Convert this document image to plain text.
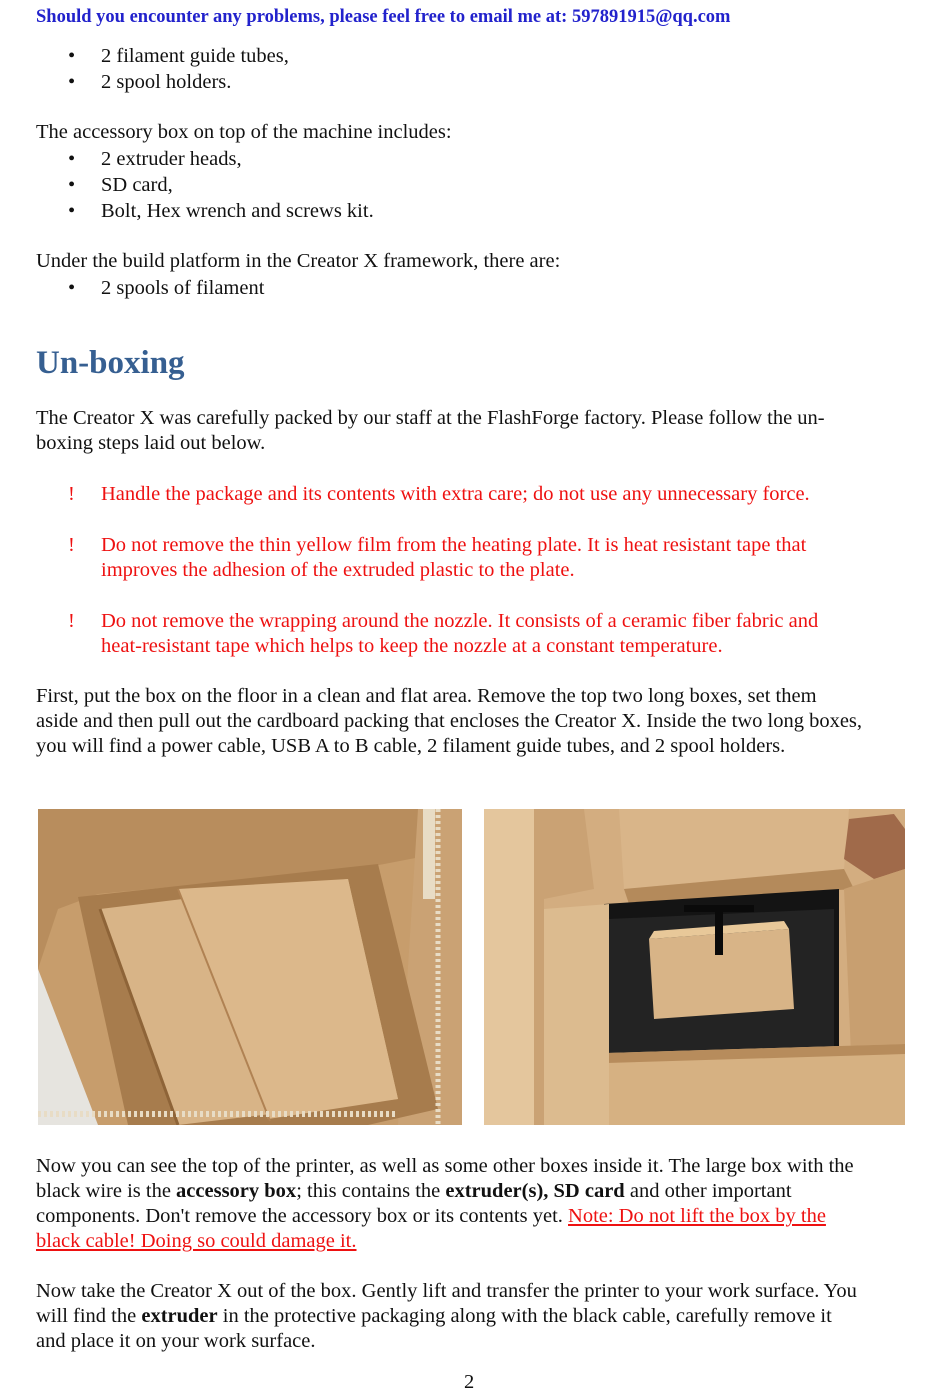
Should you encounter any problems, please feel free to email me at: 597891915@qq.com
• 2 filament guide tubes,
• 2 spool holders.
The accessory box on top of the machine includes:
• 2 extruder heads,
• SD card,
• Bolt, Hex wrench and screws kit.
Under the build platform in the Creator X framework, there are:
• 2 spools of filament
Un-boxing
The Creator X was carefully packed by our staff at the FlashForge factory. Please follow the un-
boxing steps laid out below.
! Handle the package and its contents with extra care; do not use any unnecessary force.
! Do not remove the thin yellow film from the heating plate. It is heat resistant tape that
improves the adhesion of the extruded plastic to the plate.
! Do not remove the wrapping around the nozzle. It consists of a ceramic fiber fabric and
heat-resistant tape which helps to keep the nozzle at a constant temperature.
First, put the box on the floor in a clean and flat area. Remove the top two long boxes, set them
aside and then pull out the cardboard packing that encloses the Creator X. Inside the two long boxes,
you will find a power cable, USB A to B cable, 2 filament guide tubes, and 2 spool holders.
Now you can see the top of the printer, as well as some other boxes inside it. The large box with the
black wire is the accessory box; this contains the extruder(s), SD card and other important
components. Don't remove the accessory box or its contents yet. Note: Do not lift the box by the
black cable! Doing so could damage it.
Now take the Creator X out of the box. Gently lift and transfer the printer to your work surface. You
will find the extruder in the protective packaging along with the black cable, carefully remove it
and place it on your work surface.
2
